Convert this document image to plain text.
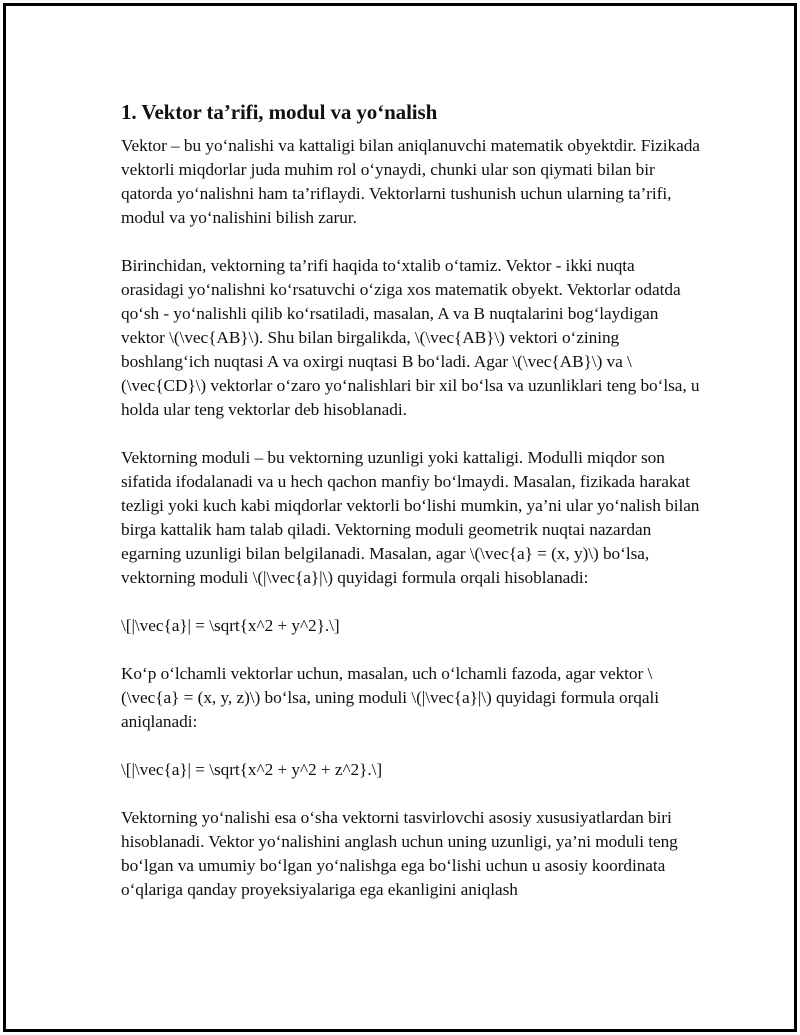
1. Vektor ta’rifi, modul va yo‘nalish

Vektor – bu yo‘nalishi va kattaligi bilan aniqlanuvchi matematik obyektdir. Fizikada vektorli miqdorlar juda muhim rol o‘ynaydi, chunki ular son qiymati bilan bir qatorda yo‘nalishni ham ta’riflaydi. Vektorlarni tushunish uchun ularning ta’rifi, modul va yo‘nalishini bilish zarur.

Birinchidan, vektorning ta’rifi haqida to‘xtalib o‘tamiz. Vektor - ikki nuqta orasidagi yo‘nalishni ko‘rsatuvchi o‘ziga xos matematik obyekt. Vektorlar odatda qo‘sh - yo‘nalishli qilib ko‘rsatiladi, masalan, A va B nuqtalarini bog‘laydigan vektor \(\vec{AB}\). Shu bilan birgalikda, \(\vec{AB}\) vektori o‘zining boshlang‘ich nuqtasi A va oxirgi nuqtasi B bo‘ladi. Agar \(\vec{AB}\) va \(\vec{CD}\) vektorlar o‘zaro yo‘nalishlari bir xil bo‘lsa va uzunliklari teng bo‘lsa, u holda ular teng vektorlar deb hisoblanadi.

Vektorning moduli – bu vektorning uzunligi yoki kattaligi. Modulli miqdor son sifatida ifodalanadi va u hech qachon manfiy bo‘lmaydi. Masalan, fizikada harakat tezligi yoki kuch kabi miqdorlar vektorli bo‘lishi mumkin, ya’ni ular yo‘nalish bilan birga kattalik ham talab qiladi. Vektorning moduli geometrik nuqtai nazardan egarning uzunligi bilan belgilanadi. Masalan, agar \(\vec{a} = (x, y)\) bo‘lsa, vektorning moduli \(|\vec{a}|\) quyidagi formula orqali hisoblanadi:

\[|\vec{a}| = \sqrt{x^2 + y^2}.\]

Ko‘p o‘lchamli vektorlar uchun, masalan, uch o‘lchamli fazoda, agar vektor \(\vec{a} = (x, y, z)\) bo‘lsa, uning moduli \(|\vec{a}|\) quyidagi formula orqali aniqlanadi:

\[|\vec{a}| = \sqrt{x^2 + y^2 + z^2}.\]

Vektorning yo‘nalishi esa o‘sha vektorni tasvirlovchi asosiy xususiyatlardan biri hisoblanadi. Vektor yo‘nalishini anglash uchun uning uzunligi, ya’ni moduli teng bo‘lgan va umumiy bo‘lgan yo‘nalishga ega bo‘lishi uchun u asosiy koordinata o‘qlariga qanday proyeksiyalariga ega ekanligini aniqlash
